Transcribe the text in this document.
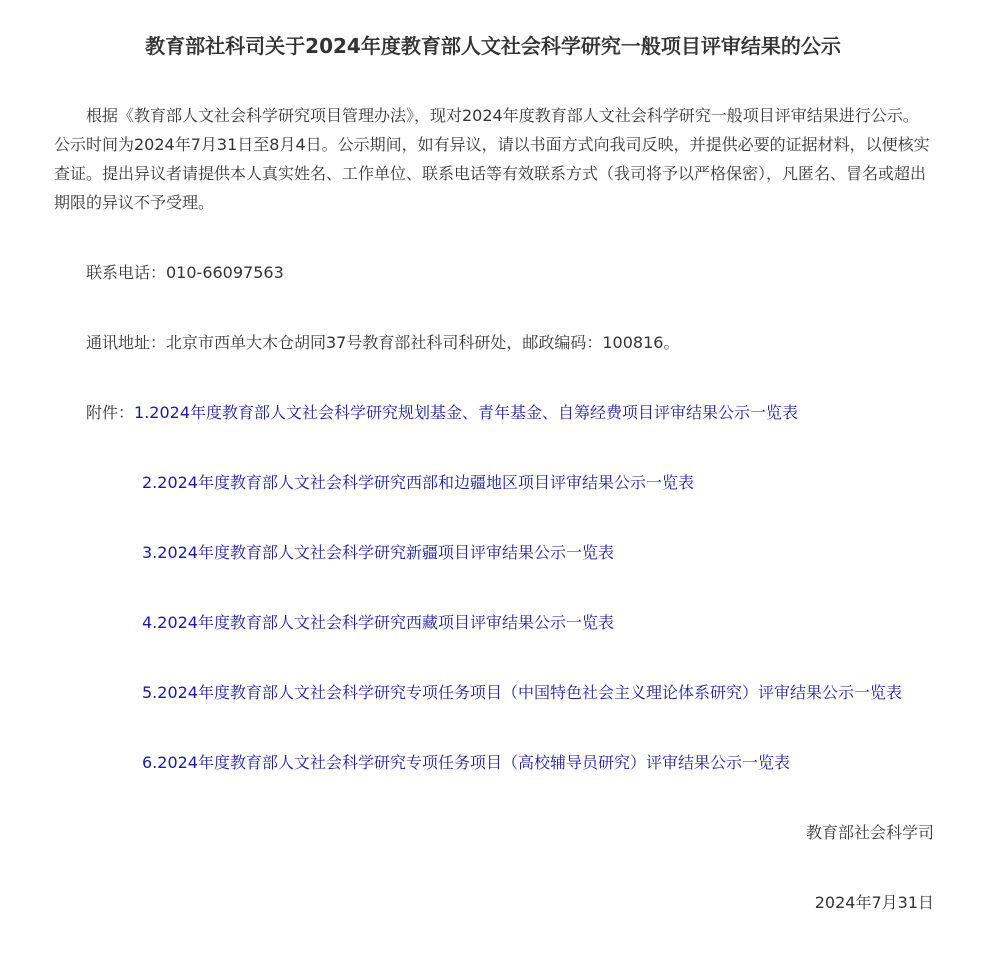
教育部社科司关于2024年度教育部人文社会科学研究一般项目评审结果的公示

根据《教育部人文社会科学研究项目管理办法》，现对2024年度教育部人文社会科学研究一般项目评审结果进行公示。公示时间为2024年7月31日至8月4日。公示期间，如有异议，请以书面方式向我司反映，并提供必要的证据材料，以便核实查证。提出异议者请提供本人真实姓名、工作单位、联系电话等有效联系方式（我司将予以严格保密），凡匿名、冒名或超出期限的异议不予受理。

联系电话：010-66097563

通讯地址：北京市西单大木仓胡同37号教育部社科司科研处，邮政编码：100816。

附件：1.2024年度教育部人文社会科学研究规划基金、青年基金、自筹经费项目评审结果公示一览表

2.2024年度教育部人文社会科学研究西部和边疆地区项目评审结果公示一览表

3.2024年度教育部人文社会科学研究新疆项目评审结果公示一览表

4.2024年度教育部人文社会科学研究西藏项目评审结果公示一览表

5.2024年度教育部人文社会科学研究专项任务项目（中国特色社会主义理论体系研究）评审结果公示一览表

6.2024年度教育部人文社会科学研究专项任务项目（高校辅导员研究）评审结果公示一览表

教育部社会科学司

2024年7月31日
